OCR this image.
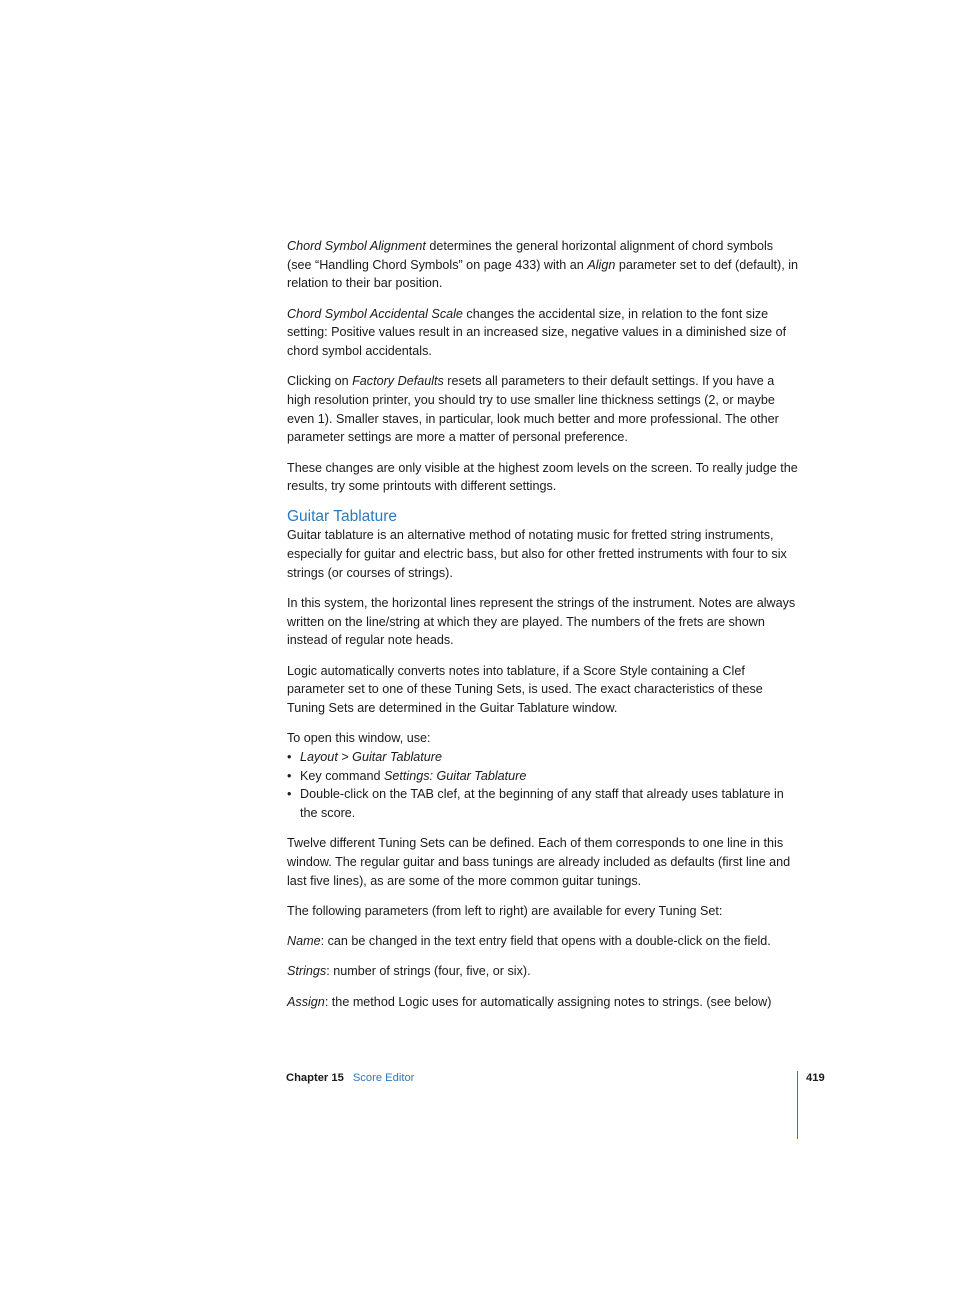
Chord Symbol Alignment determines the general horizontal alignment of chord symbols (see “Handling Chord Symbols” on page 433) with an Align parameter set to def (default), in relation to their bar position.

Chord Symbol Accidental Scale changes the accidental size, in relation to the font size setting: Positive values result in an increased size, negative values in a diminished size of chord symbol accidentals.

Clicking on Factory Defaults resets all parameters to their default settings. If you have a high resolution printer, you should try to use smaller line thickness settings (2, or maybe even 1). Smaller staves, in particular, look much better and more professional. The other parameter settings are more a matter of personal preference.

These changes are only visible at the highest zoom levels on the screen. To really judge the results, try some printouts with different settings.

Guitar Tablature

Guitar tablature is an alternative method of notating music for fretted string instruments, especially for guitar and electric bass, but also for other fretted instruments with four to six strings (or courses of strings).

In this system, the horizontal lines represent the strings of the instrument. Notes are always written on the line/string at which they are played. The numbers of the frets are shown instead of regular note heads.

Logic automatically converts notes into tablature, if a Score Style containing a Clef parameter set to one of these Tuning Sets, is used. The exact characteristics of these Tuning Sets are determined in the Guitar Tablature window.

To open this window, use:

• Layout > Guitar Tablature
• Key command Settings: Guitar Tablature
• Double-click on the TAB clef, at the beginning of any staff that already uses tablature in the score.

Twelve different Tuning Sets can be defined. Each of them corresponds to one line in this window. The regular guitar and bass tunings are already included as defaults (first line and last five lines), as are some of the more common guitar tunings.

The following parameters (from left to right) are available for every Tuning Set:

Name: can be changed in the text entry field that opens with a double-click on the field.

Strings: number of strings (four, five, or six).

Assign: the method Logic uses for automatically assigning notes to strings. (see below)

Chapter 15 Score Editor	419
